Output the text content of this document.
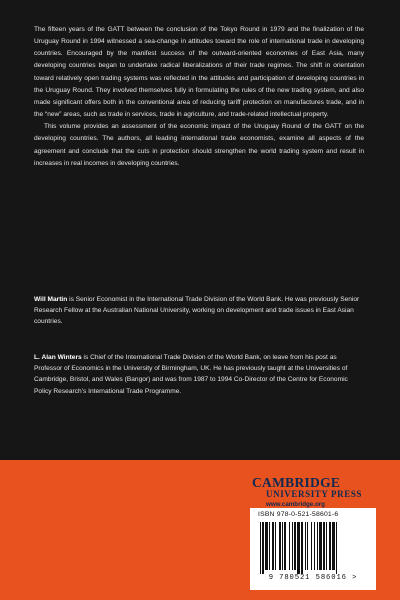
The fifteen years of the GATT between the conclusion of the Tokyo Round in 1979 and the finalization of the Uruguay Round in 1994 witnessed a sea-change in attitudes toward the role of international trade in developing countries. Encouraged by the manifest success of the outward-oriented economies of East Asia, many developing countries began to undertake radical liberalizations of their trade regimes. The shift in orientation toward relatively open trading systems was reflected in the attitudes and participation of developing countries in the Uruguay Round. They involved themselves fully in formulating the rules of the new trading system, and also made significant offers both in the conventional area of reducing tariff protection on manufactures trade, and in the “new” areas, such as trade in services, trade in agriculture, and trade-related intellectual property.

This volume provides an assessment of the economic impact of the Uruguay Round of the GATT on the developing countries. The authors, all leading international trade economists, examine all aspects of the agreement and conclude that the cuts in protection should strengthen the world trading system and result in increases in real incomes in developing countries.

Will Martin is Senior Economist in the International Trade Division of the World Bank. He was previously Senior Research Fellow at the Australian National University, working on development and trade issues in East Asian countries.
L. Alan Winters is Chief of the International Trade Division of the World Bank, on leave from his post as Professor of Economics in the University of Birmingham, UK. He has previously taught at the Universities of Cambridge, Bristol, and Wales (Bangor) and was from 1987 to 1994 Co-Director of the Centre for Economic Policy Research’s International Trade Programme.
CAMBRIDGE
UNIVERSITY PRESS
www.cambridge.org
ISBN 978-0-521-58601-6
9 780521 586016 >
